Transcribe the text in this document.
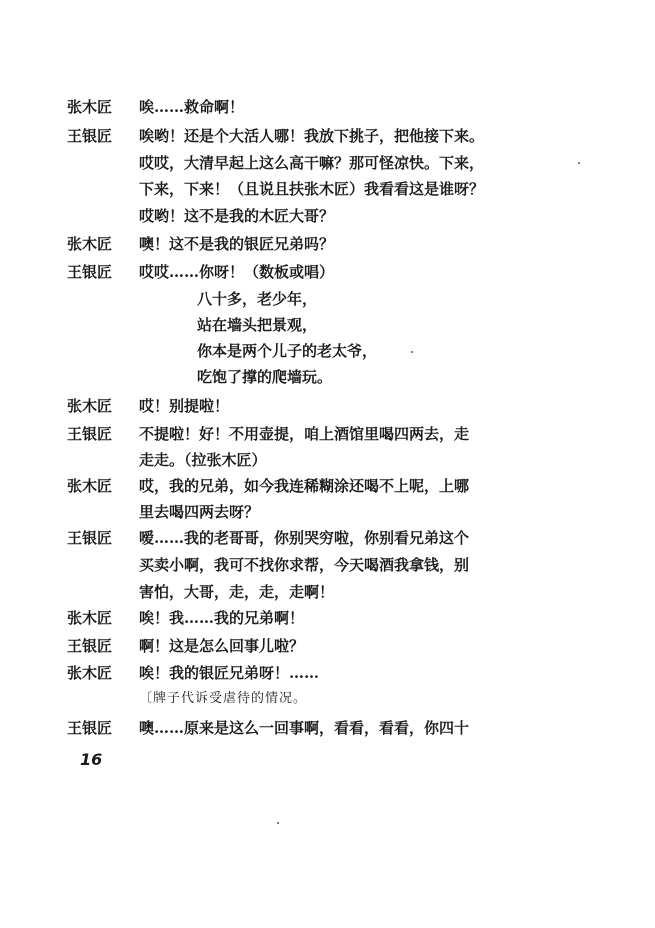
张木匠
王银匠
张木匠
王银匠
张木匠
王银匠
张木匠
王银匠
张木匠
王银匠
张木匠
王银匠
唉……救命啊！
唉哟！还是个大活人哪！我放下挑子，把他接下来。
哎哎，大清早起上这么高干嘛？那可怪凉快。下来，
下来，下来！（且说且扶张木匠）我看看这是谁呀？
哎哟！这不是我的木匠大哥？
噢！这不是我的银匠兄弟吗？
哎哎……你呀！（数板或唱）
八十多，老少年，
站在墙头把景观，
你本是两个儿子的老太爷，
吃饱了撑的爬墙玩。
哎！别提啦！
不提啦！好！不用壶提，咱上酒馆里喝四两去，走
走走。（拉张木匠）
哎，我的兄弟，如今我连稀糊涂还喝不上呢，上哪
里去喝四两去呀？
嗳……我的老哥哥，你别哭穷啦，你别看兄弟这个
买卖小啊，我可不找你求帮，今天喝酒我拿钱，别
害怕，大哥，走，走，走啊！
唉！我……我的兄弟啊！
啊！这是怎么回事儿啦？
唉！我的银匠兄弟呀！……
〔牌子代诉受虐待的情况。
噢……原来是这么一回事啊，看看，看看，你四十
16
